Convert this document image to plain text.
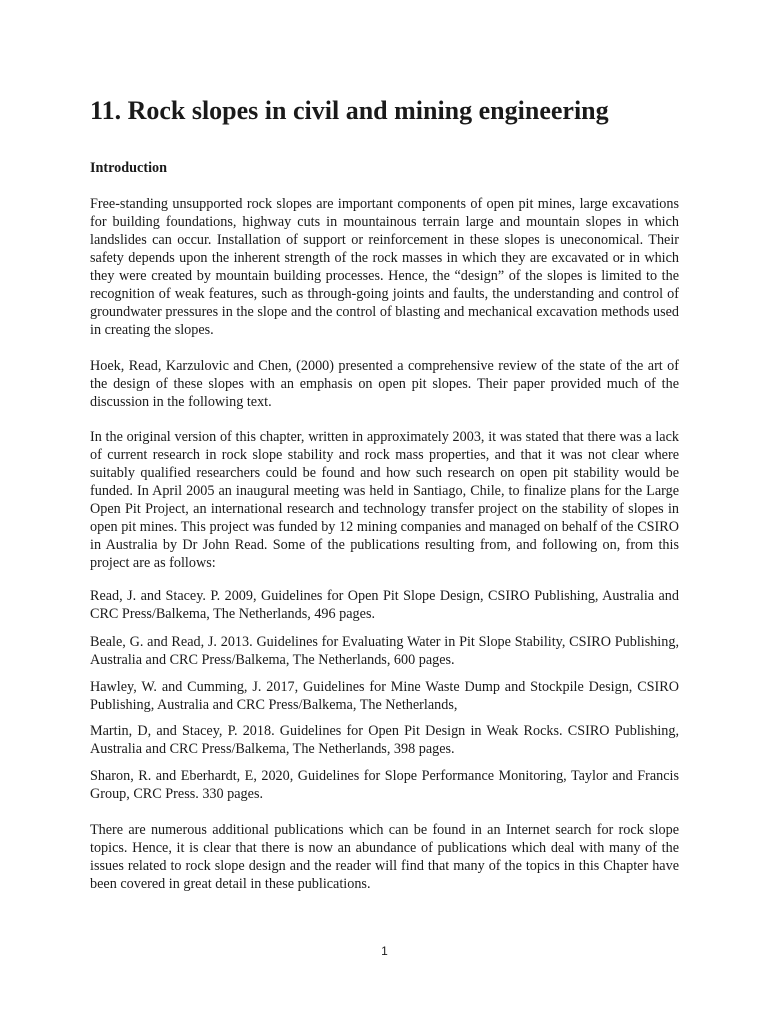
11. Rock slopes in civil and mining engineering
Introduction

Free-standing unsupported rock slopes are important components of open pit mines, large excavations for building foundations, highway cuts in mountainous terrain large and mountain slopes in which landslides can occur. Installation of support or reinforcement in these slopes is uneconomical. Their safety depends upon the inherent strength of the rock masses in which they are excavated or in which they were created by mountain building processes. Hence, the “design” of the slopes is limited to the recognition of weak features, such as through-going joints and faults, the understanding and control of groundwater pressures in the slope and the control of blasting and mechanical excavation methods used in creating the slopes.

Hoek, Read, Karzulovic and Chen, (2000) presented a comprehensive review of the state of the art of the design of these slopes with an emphasis on open pit slopes. Their paper provided much of the discussion in the following text.

In the original version of this chapter, written in approximately 2003, it was stated that there was a lack of current research in rock slope stability and rock mass properties, and that it was not clear where suitably qualified researchers could be found and how such research on open pit stability would be funded. In April 2005 an inaugural meeting was held in Santiago, Chile, to finalize plans for the Large Open Pit Project, an international research and technology transfer project on the stability of slopes in open pit mines. This project was funded by 12 mining companies and managed on behalf of the CSIRO in Australia by Dr John Read. Some of the publications resulting from, and following on, from this project are as follows:

Read, J. and Stacey. P. 2009, Guidelines for Open Pit Slope Design, CSIRO Publishing, Australia and CRC Press/Balkema, The Netherlands, 496 pages.

Beale, G. and Read, J. 2013. Guidelines for Evaluating Water in Pit Slope Stability, CSIRO Publishing, Australia and CRC Press/Balkema, The Netherlands, 600 pages.

Hawley, W. and Cumming, J. 2017, Guidelines for Mine Waste Dump and Stockpile Design, CSIRO Publishing, Australia and CRC Press/Balkema, The Netherlands,

Martin, D, and Stacey, P. 2018. Guidelines for Open Pit Design in Weak Rocks. CSIRO Publishing, Australia and CRC Press/Balkema, The Netherlands, 398 pages.

Sharon, R. and Eberhardt, E, 2020, Guidelines for Slope Performance Monitoring, Taylor and Francis Group, CRC Press. 330 pages.

There are numerous additional publications which can be found in an Internet search for rock slope topics. Hence, it is clear that there is now an abundance of publications which deal with many of the issues related to rock slope design and the reader will find that many of the topics in this Chapter have been covered in great detail in these publications.

1
